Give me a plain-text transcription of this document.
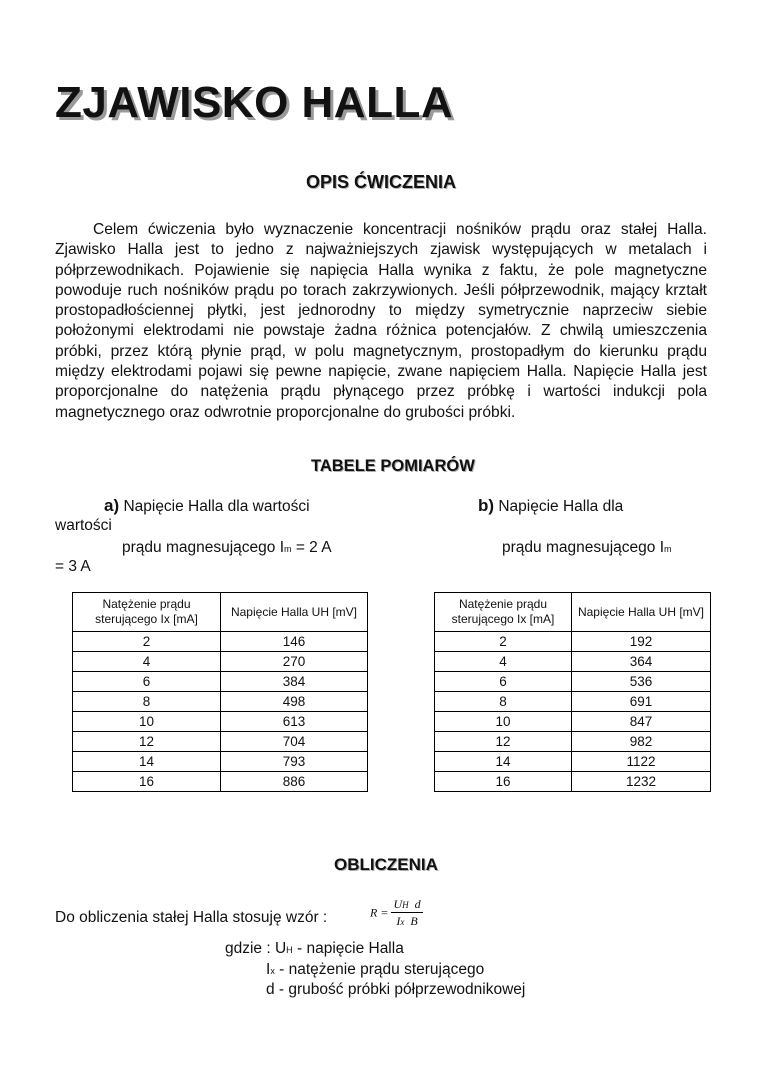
ZJAWISKO HALLA
OPIS ĆWICZENIA

Celem ćwiczenia było wyznaczenie koncentracji nośników prądu oraz stałej Halla. Zjawisko Halla jest to jedno z najważniejszych zjawisk występujących w metalach i półprzewodnikach. Pojawienie się napięcia Halla wynika z faktu, że pole magnetyczne powoduje ruch nośników prądu po torach zakrzywionych. Jeśli półprzewodnik, mający krztałt prostopadłościennej płytki, jest jednorodny to między symetrycznie naprzeciw siebie położonymi elektrodami nie powstaje żadna różnica potencjałów. Z chwilą umieszczenia próbki, przez którą płynie prąd, w polu magnetycznym, prostopadłym do kierunku prądu między elektrodami pojawi się pewne napięcie, zwane napięciem Halla. Napięcie Halla jest proporcjonalne do natężenia prądu płynącego przez próbkę i wartości indukcji pola magnetycznego oraz odwrotnie proporcjonalne do grubości próbki.

TABELE POMIARÓW
a) Napięcie Halla dla wartości	b) Napięcie Halla dla
wartości
prądu magnesującego Im = 2 A	prądu magnesującego Im
= 3 A
Natężenie prądu sterującego Ix [mA]	Napięcie Halla UH [mV]
2	146
4	270
6	384
8	498
10	613
12	704
14	793
16	886
Natężenie prądu sterującego Ix [mA]	Napięcie Halla UH [mV]
2	192
4	364
6	536
8	691
10	847
12	982
14	1122
16	1232
OBLICZENIA
Do obliczenia stałej Halla stosuję wzór :	$R = \frac{\text{UH d}}{\text{Ix B}}$
gdzie : UH - napięcie Halla
Ix - natężenie prądu sterującego
d - grubość próbki półprzewodnikowej
